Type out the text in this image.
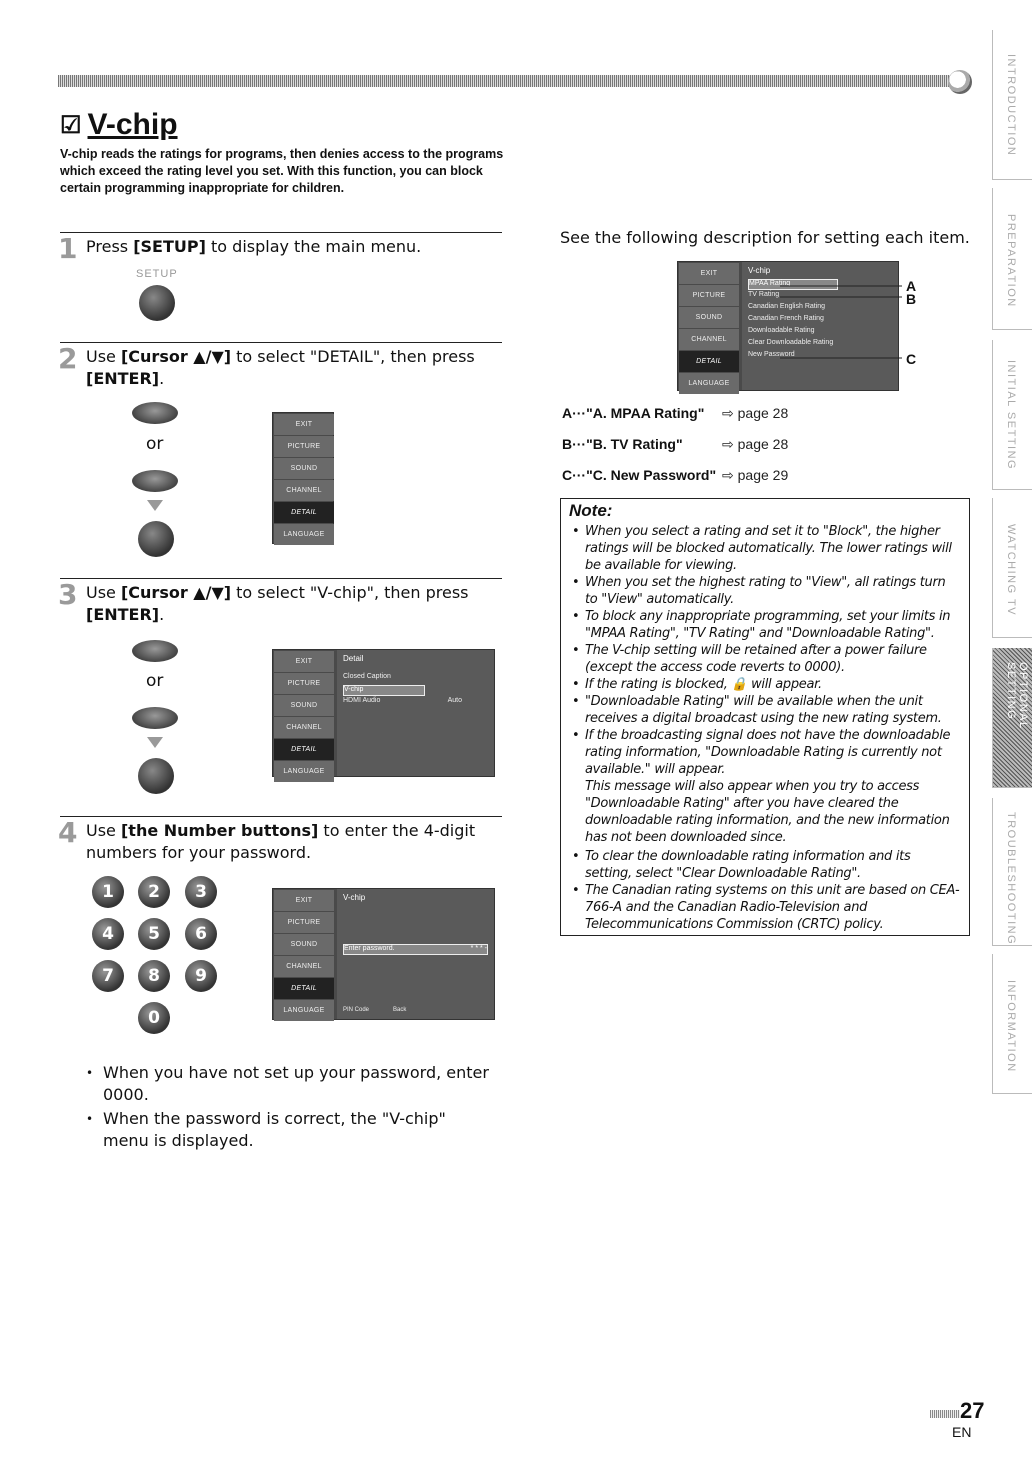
☑ V-chip
V-chip reads the ratings for programs, then denies access to the programs which exceed the rating level you set. With this function, you can block certain programming inappropriate for children.
1 Press [SETUP] to display the main menu.
SETUP
2 Use [Cursor ▲/▼] to select "DETAIL", then press [ENTER].
or
EXIT
PICTURE
SOUND
CHANNEL
DETAIL
LANGUAGE
3 Use [Cursor ▲/▼] to select "V-chip", then press [ENTER].
or
EXIT
PICTURE
SOUND
CHANNEL
DETAIL
LANGUAGE
Detail
Closed Caption
V-chip
HDMI Audio	Auto
4 Use [the Number buttons] to enter the 4-digit numbers for your password.
1	2	3
4	5	6
7	8	9
0
EXIT
PICTURE
SOUND
CHANNEL
DETAIL
LANGUAGE
V-chip
Enter password.	* * * -
PIN Code	Back
• When you have not set up your password, enter 0000.
• When the password is correct, the "V-chip" menu is displayed.
See the following description for setting each item.
EXIT
PICTURE
SOUND
CHANNEL
DETAIL
LANGUAGE
V-chip
MPAA Rating
TV Rating
Canadian English Rating
Canadian French Rating
Downloadable Rating
Clear Downloadable Rating
New Password
A
B
C
A···"A. MPAA Rating"	⇨ page 28
B···"B. TV Rating"	⇨ page 28
C···"C. New Password" ⇨ page 29
Note:
• When you select a rating and set it to "Block", the higher ratings will be blocked automatically. The lower ratings will be available for viewing.
• When you set the highest rating to "View", all ratings turn to "View" automatically.
• To block any inappropriate programming, set your limits in "MPAA Rating", "TV Rating" and "Downloadable Rating".
• The V-chip setting will be retained after a power failure (except the access code reverts to 0000).
• If the rating is blocked, 🔒 will appear.
• "Downloadable Rating" will be available when the unit receives a digital broadcast using the new rating system.
• If the broadcasting signal does not have the downloadable rating information, "Downloadable Rating is currently not available." will appear.
This message will also appear when you try to access "Downloadable Rating" after you have cleared the downloadable rating information, and the new information has not been downloaded since.
• To clear the downloadable rating information and its setting, select "Clear Downloadable Rating".
• The Canadian rating systems on this unit are based on CEA-766-A and the Canadian Radio-Television and Telecommunications Commission (CRTC) policy.
INTRODUCTION
PREPARATION
INITIAL SETTING
WATCHING TV
OPTIONAL SETTING
TROUBLESHOOTING
INFORMATION
27
EN
